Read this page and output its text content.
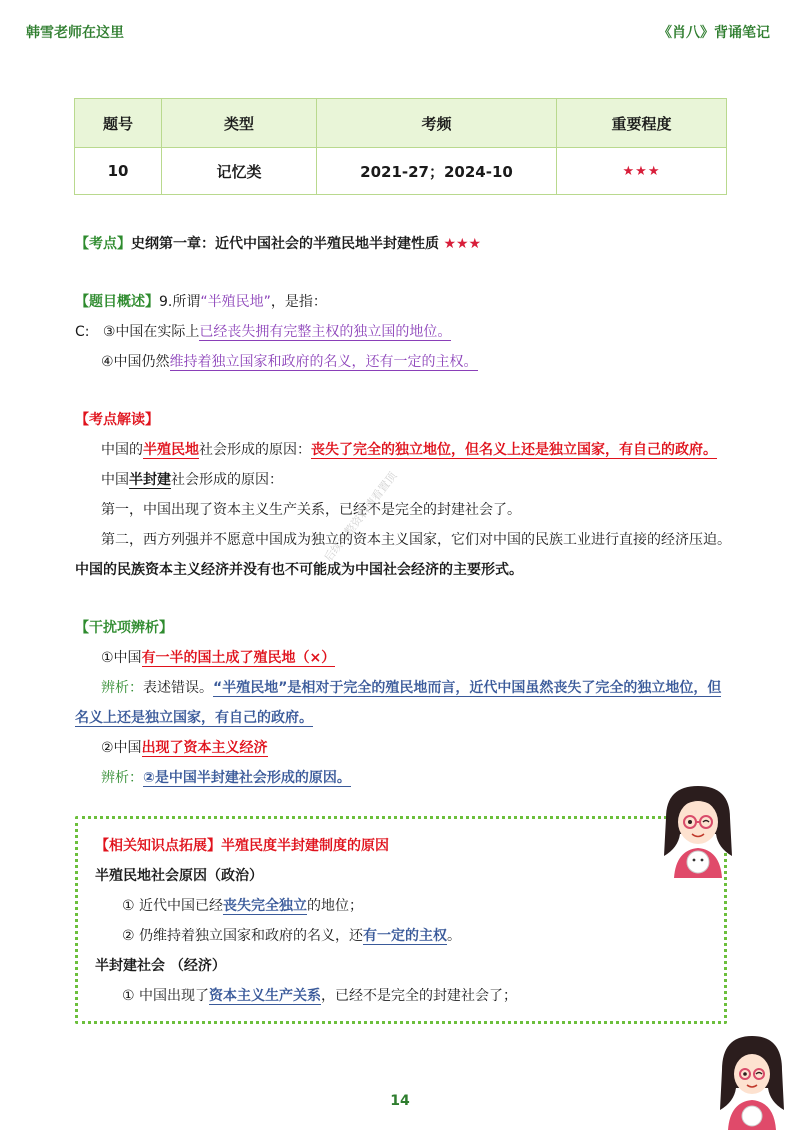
韩雪老师在这里	《肖八》背诵笔记
题号	类型	考频	重要程度
10	记忆类	2021-27；2024-10	★★★
【考点】史纲第一章：近代中国社会的半殖民地半封建性质 ★★★
【题目概述】9.所谓“半殖民地”，是指：
C: ③中国在实际上已经丧失拥有完整主权的独立国的地位。
④中国仍然维持着独立国家和政府的名义，还有一定的主权。
【考点解读】
中国的半殖民地社会形成的原因：丧失了完全的独立地位，但名义上还是独立国家，有自己的政府。
中国半封建社会形成的原因：
第一，中国出现了资本主义生产关系，已经不是完全的封建社会了。
第二，西方列强并不愿意中国成为独立的资本主义国家，它们对中国的民族工业进行直接的经济压迫。
中国的民族资本主义经济并没有也不可能成为中国社会经济的主要形式。
【干扰项辨析】
①中国有一半的国土成了殖民地（×）
辨析：表述错误。“半殖民地”是相对于完全的殖民地而言，近代中国虽然丧失了完全的独立地位，但
名义上还是独立国家，有自己的政府。
②中国出现了资本主义经济
辨析：②是中国半封建社会形成的原因。
后续完整资料请看置顶
【相关知识点拓展】半殖民度半封建制度的原因
半殖民地社会原因（政治）
① 近代中国已经丧失完全独立的地位；
② 仍维持着独立国家和政府的名义，还有一定的主权。
半封建社会 （经济）
① 中国出现了资本主义生产关系，已经不是完全的封建社会了；
14
